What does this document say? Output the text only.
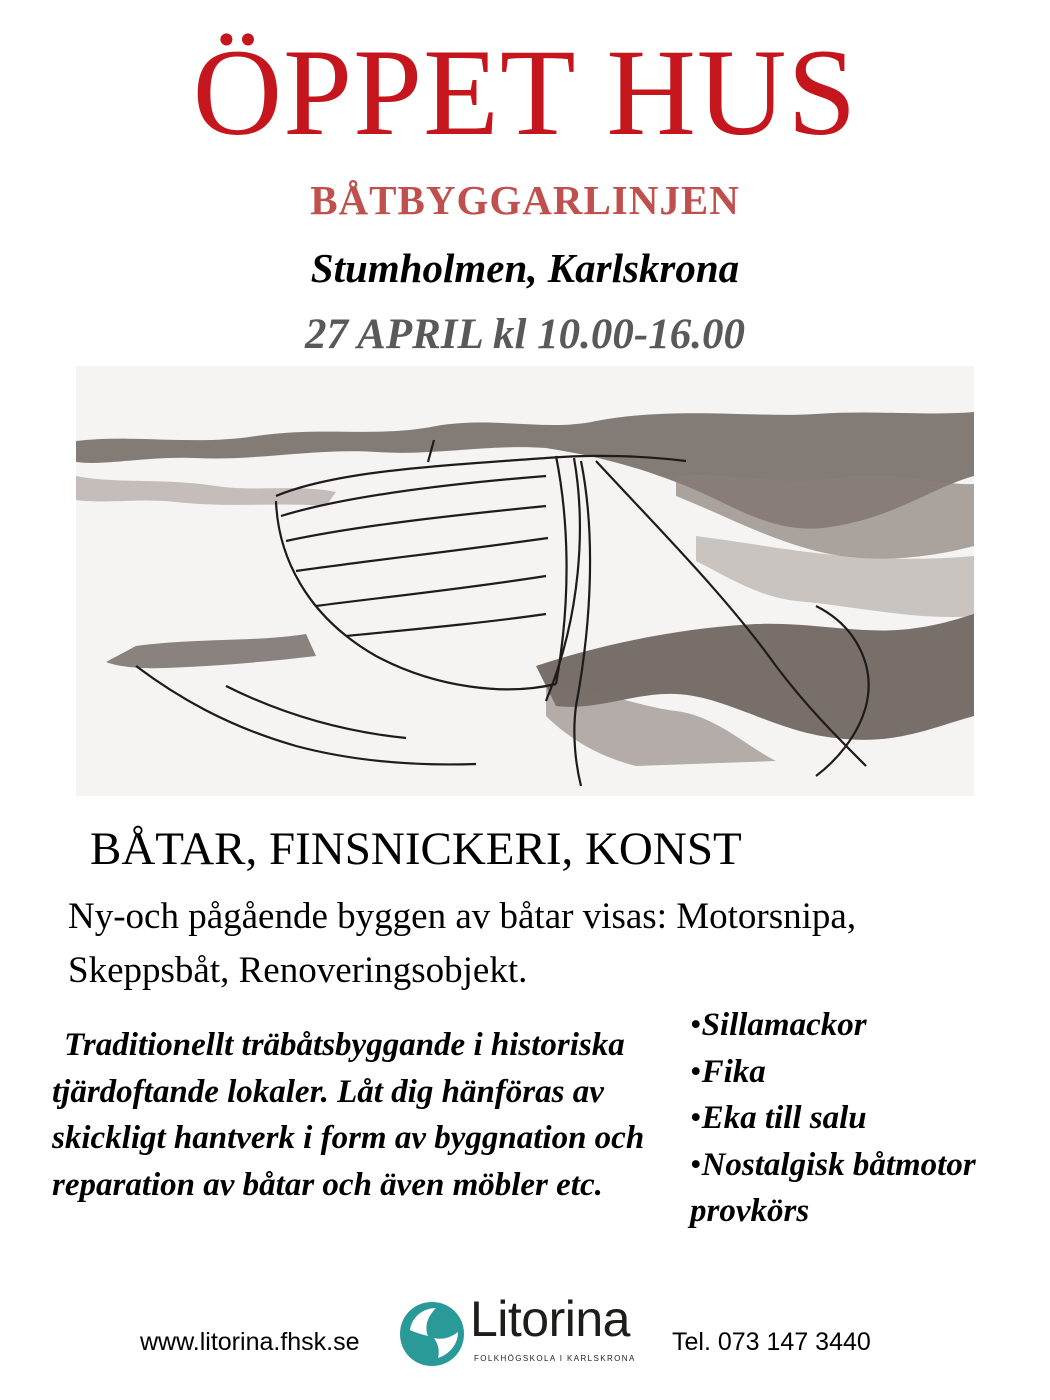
ÖPPET HUS
BÅTBYGGARLINJEN
Stumholmen, Karlskrona
27 APRIL kl 10.00-16.00
BÅTAR, FINSNICKERI, KONST
Ny-och pågående byggen av båtar visas: Motorsnipa, Skeppsbåt, Renoveringsobjekt.
Traditionellt träbåtsbyggande i historiska tjärdoftande lokaler. Låt dig hänföras av skickligt hantverk i form av byggnation och reparation av båtar och även möbler etc.
•Sillamackor
•Fika
•Eka till salu
•Nostalgisk båtmotor provkörs
www.litorina.fhsk.se Litorina
FOLKHÖGSKOLA I KARLSKRONA
Tel. 073 147 3440
